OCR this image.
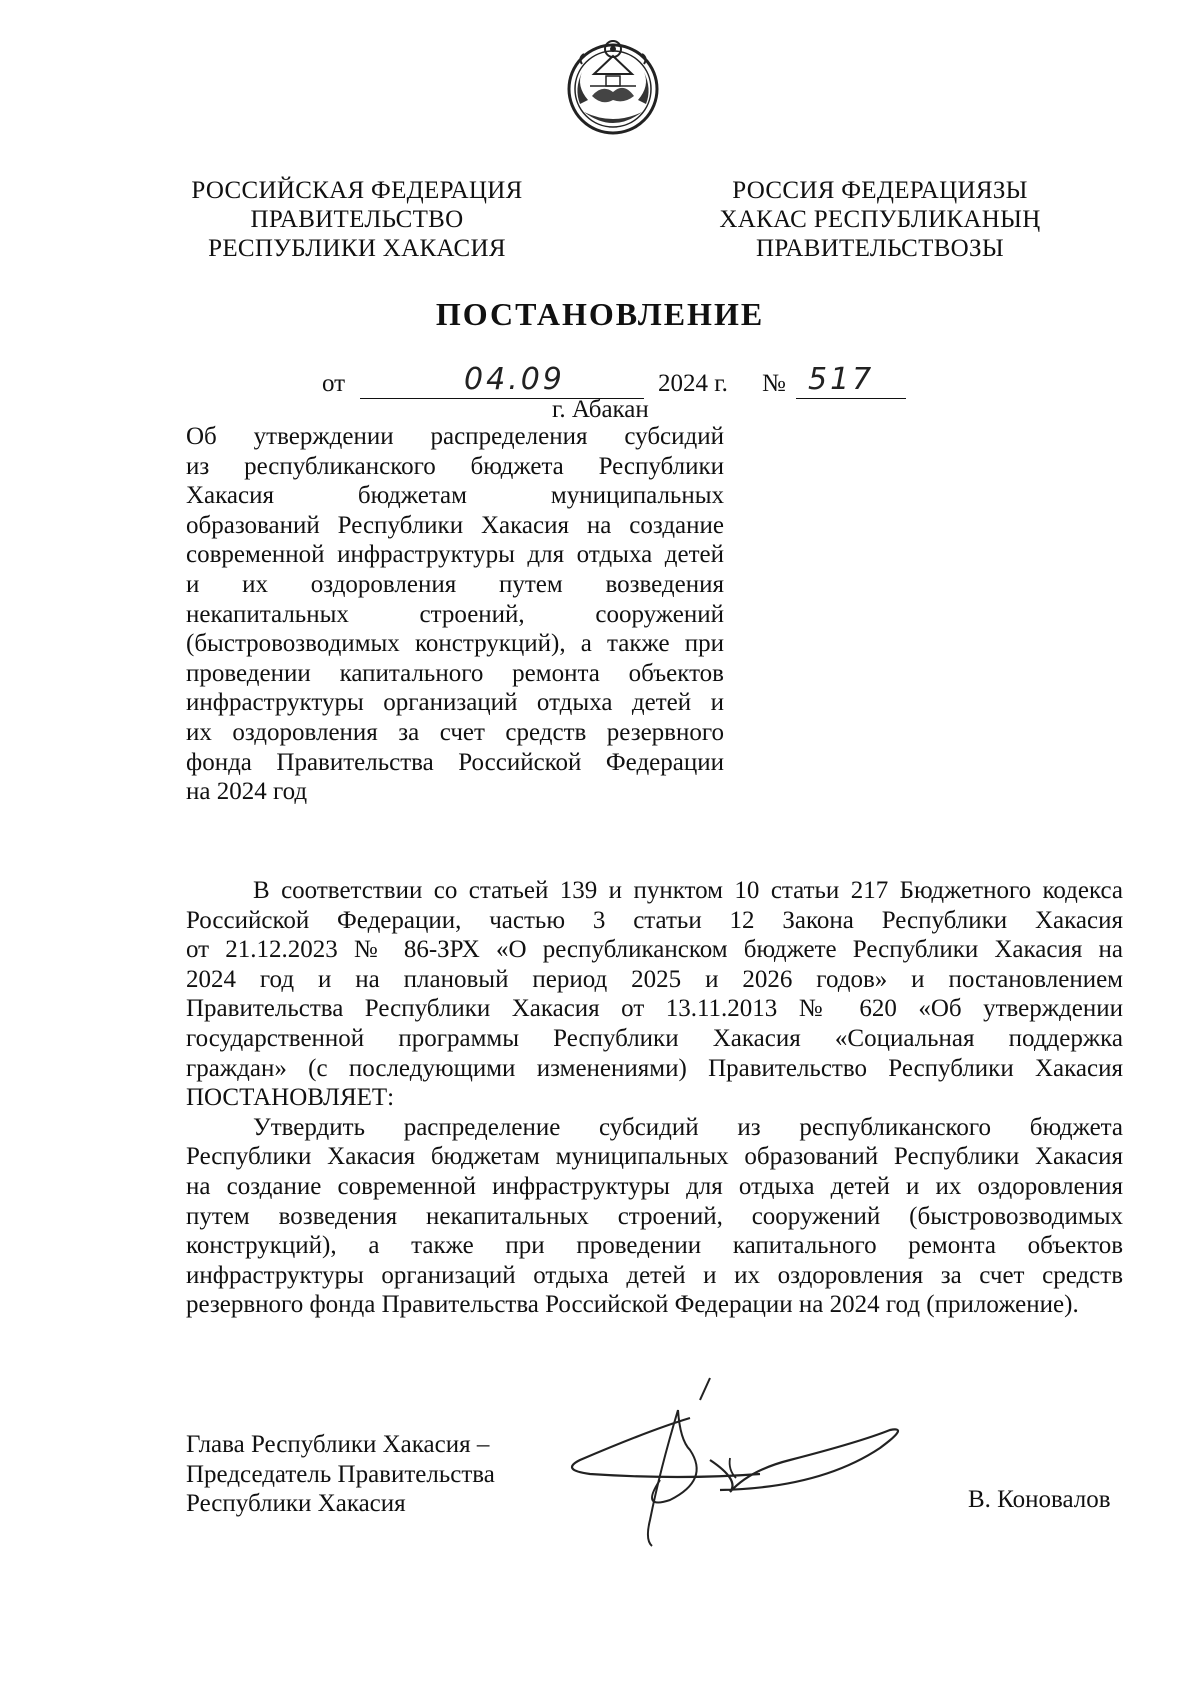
РОССИЙСКАЯ ФЕДЕРАЦИЯ
ПРАВИТЕЛЬСТВО
РЕСПУБЛИКИ ХАКАСИЯ
РОССИЯ ФЕДЕРАЦИЯЗЫ
ХАКАС РЕСПУБЛИКАНЫҢ
ПРАВИТЕЛЬСТВОЗЫ
ПОСТАНОВЛЕНИЕ
от	04.09	2024 г. № 517
г. Абакан
Об утверждении распределения субсидий
из республиканского бюджета Республики
Хакасия бюджетам муниципальных
образований Республики Хакасия на создание
современной инфраструктуры для отдыха детей
и их оздоровления путем возведения
некапитальных строений, сооружений
(быстровозводимых конструкций), а также при
проведении капитального ремонта объектов
инфраструктуры организаций отдыха детей и
их оздоровления за счет средств резервного
фонда Правительства Российской Федерации
на 2024 год
В соответствии со статьей 139 и пунктом 10 статьи 217 Бюджетного кодекса
Российской Федерации, частью 3 статьи 12 Закона Республики Хакасия
от 21.12.2023 № 86-ЗРХ «О республиканском бюджете Республики Хакасия на
2024 год и на плановый период 2025 и 2026 годов» и постановлением
Правительства Республики Хакасия от 13.11.2013 № 620 «Об утверждении
государственной программы Республики Хакасия «Социальная поддержка
граждан» (с последующими изменениями) Правительство Республики Хакасия
ПОСТАНОВЛЯЕТ:
Утвердить распределение субсидий из республиканского бюджета
Республики Хакасия бюджетам муниципальных образований Республики Хакасия
на создание современной инфраструктуры для отдыха детей и их оздоровления
путем возведения некапитальных строений, сооружений (быстровозводимых
конструкций), а также при проведении капитального ремонта объектов
инфраструктуры организаций отдыха детей и их оздоровления за счет средств
резервного фонда Правительства Российской Федерации на 2024 год (приложение).
Глава Республики Хакасия –
Председатель Правительства
Республики Хакасия	В. Коновалов
